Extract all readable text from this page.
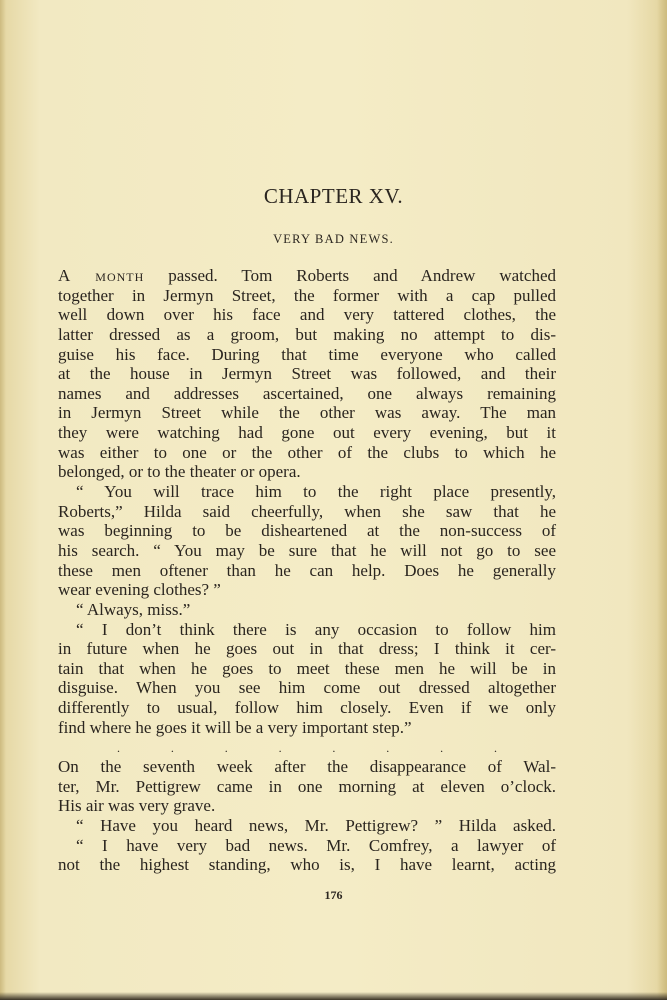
CHAPTER XV.
VERY BAD NEWS.
A month passed. Tom Roberts and Andrew watched
together in Jermyn Street, the former with a cap pulled
well down over his face and very tattered clothes, the
latter dressed as a groom, but making no attempt to dis-
guise his face. During that time everyone who called
at the house in Jermyn Street was followed, and their
names and addresses ascertained, one always remaining
in Jermyn Street while the other was away. The man
they were watching had gone out every evening, but it
was either to one or the other of the clubs to which he
belonged, or to the theater or opera.
“ You will trace him to the right place presently,
Roberts,” Hilda said cheerfully, when she saw that he
was beginning to be disheartened at the non-success of
his search. “ You may be sure that he will not go to see
these men oftener than he can help. Does he generally
wear evening clothes? ”
“ Always, miss.”
“ I don’t think there is any occasion to follow him
in future when he goes out in that dress; I think it cer-
tain that when he goes to meet these men he will be in
disguise. When you see him come out dressed altogether
differently to usual, follow him closely. Even if we only
find where he goes it will be a very important step.”
. . . . . . . .
On the seventh week after the disappearance of Wal-
ter, Mr. Pettigrew came in one morning at eleven o’clock.
His air was very grave.
“ Have you heard news, Mr. Pettigrew? ” Hilda asked.
“ I have very bad news. Mr. Comfrey, a lawyer of
not the highest standing, who is, I have learnt, acting
176
